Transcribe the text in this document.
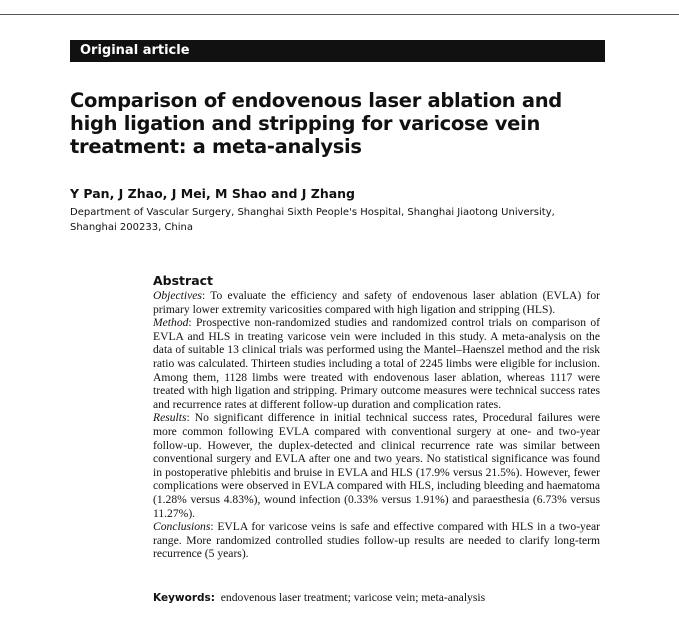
Original article
Comparison of endovenous laser ablation and high ligation and stripping for varicose vein treatment: a meta-analysis
Y Pan, J Zhao, J Mei, M Shao and J Zhang
Department of Vascular Surgery, Shanghai Sixth People's Hospital, Shanghai Jiaotong University, Shanghai 200233, China
Abstract

Objectives: To evaluate the efficiency and safety of endovenous laser ablation (EVLA) for primary lower extremity varicosities compared with high ligation and stripping (HLS).

Method: Prospective non-randomized studies and randomized control trials on comparison of EVLA and HLS in treating varicose vein were included in this study. A meta-analysis on the data of suitable 13 clinical trials was performed using the Mantel–Haenszel method and the risk ratio was calculated. Thirteen studies including a total of 2245 limbs were eligible for inclusion. Among them, 1128 limbs were treated with endovenous laser ablation, whereas 1117 were treated with high ligation and stripping. Primary outcome measures were technical success rates and recurrence rates at different follow-up duration and complication rates.

Results: No significant difference in initial technical success rates, Procedural failures were more common following EVLA compared with conventional surgery at one- and two-year follow-up. However, the duplex-detected and clinical recurrence rate was similar between conventional surgery and EVLA after one and two years. No statistical significance was found in postoperative phlebitis and bruise in EVLA and HLS (17.9% versus 21.5%). However, fewer complications were observed in EVLA compared with HLS, including bleeding and haematoma (1.28% versus 4.83%), wound infection (0.33% versus 1.91%) and paraesthesia (6.73% versus 11.27%).

Conclusions: EVLA for varicose veins is safe and effective compared with HLS in a two-year range. More randomized controlled studies follow-up results are needed to clarify long-term recurrence (5 years).

Keywords: endovenous laser treatment; varicose vein; meta-analysis
